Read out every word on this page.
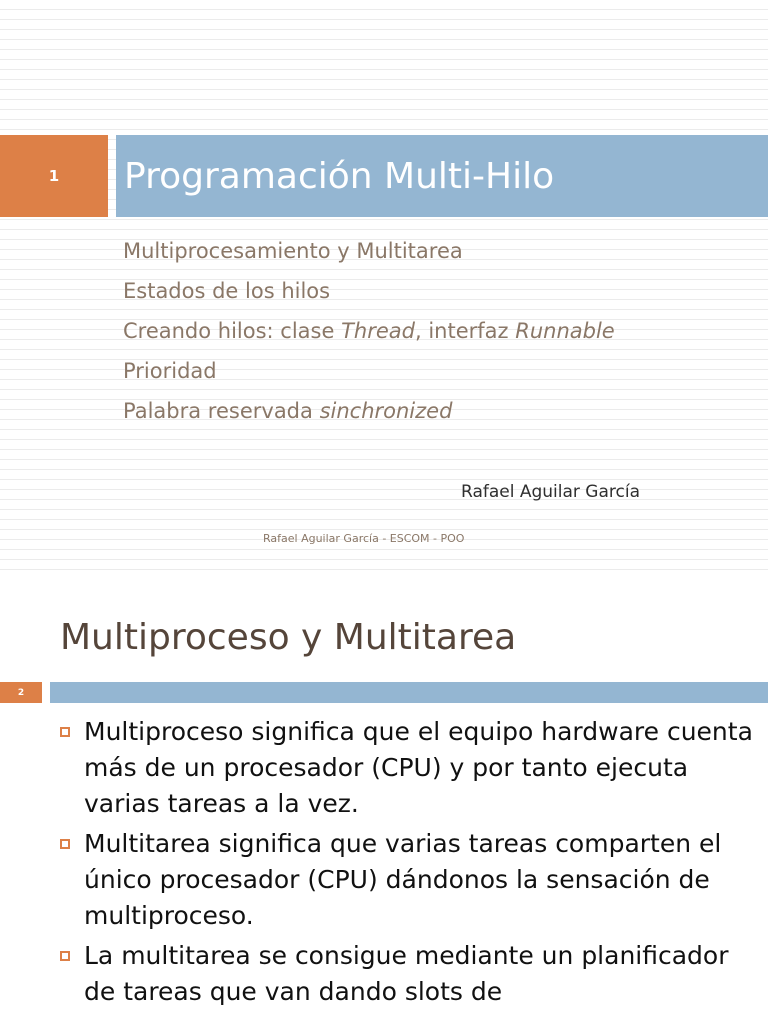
1	Programación Multi-Hilo
Multiprocesamiento y Multitarea
Estados de los hilos
Creando hilos: clase Thread, interfaz Runnable
Prioridad
Palabra reservada sinchronized
Rafael Aguilar García
Rafael Aguilar García - ESCOM - POO
Multiproceso y Multitarea
2
Multiproceso significa que el equipo hardware cuenta más de un procesador (CPU) y por tanto ejecuta varias tareas a la vez.
Multitarea significa que varias tareas comparten el único procesador (CPU) dándonos la sensación de multiproceso.
La multitarea se consigue mediante un planificador de tareas que van dando slots de
